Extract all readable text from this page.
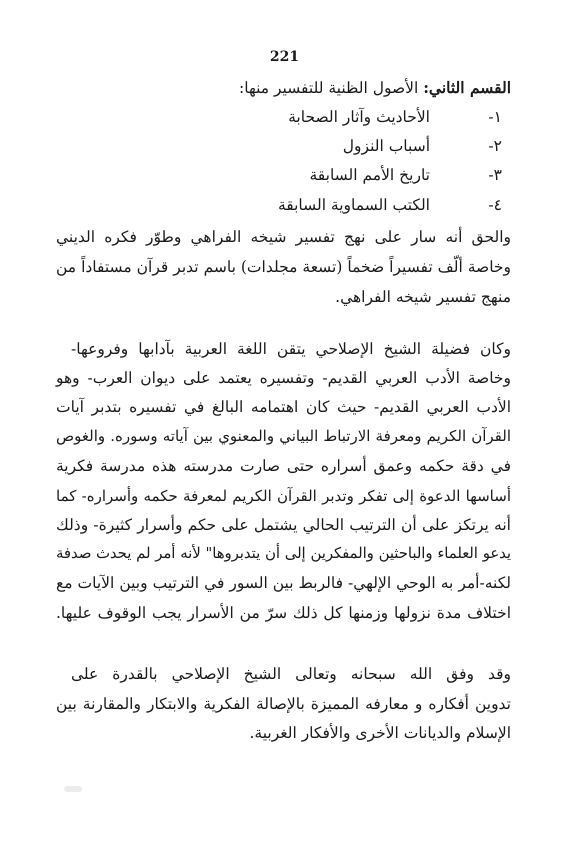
221
القسم الثاني: الأصول الظنية للتفسير منها:
١-
الأحاديث وآثار الصحابة
٢-
أسباب النزول
٣-
تاريخ الأمم السابقة
٤-
الكتب السماوية السابقة
والحق أنه سار على نهج تفسير شيخه الفراهي وطوّر فكره الديني
وخاصة ألّف تفسيراً ضخماً (تسعة مجلدات) باسم تدبر قرآن مستفاداً من
منهج تفسير شيخه الفراهي.
وكان فضيلة الشيخ الإصلاحي يتقن اللغة العربية بآدابها وفروعها-
وخاصة الأدب العربي القديم- وتفسيره يعتمد على ديوان العرب- وهو
الأدب العربي القديم- حيث كان اهتمامه البالغ في تفسيره بتدبر آيات
القرآن الكريم ومعرفة الارتباط البياني والمعنوي بين آياته وسوره. والغوص
في دقة حكمه وعمق أسراره حتى صارت مدرسته هذه مدرسة فكرية
أساسها الدعوة إلى تفكر وتدبر القرآن الكريم لمعرفة حكمه وأسراره- كما
أنه يرتكز على أن الترتيب الحالي يشتمل على حكم وأسرار كثيرة- وذلك
يدعو العلماء والباحثين والمفكرين إلى أن يتدبروها" لأنه أمر لم يحدث صدفة
لكنه-أمر به الوحي الإلهي- فالربط بين السور في الترتيب وبين الآيات مع
اختلاف مدة نزولها وزمنها كل ذلك سرّ من الأسرار يجب الوقوف عليها.
وقد وفق الله سبحانه وتعالى الشيخ الإصلاحي بالقدرة على
تدوين أفكاره و معارفه المميزة بالإصالة الفكرية والابتكار والمقارنة بين
الإسلام والديانات الأخرى والأفكار الغربية.
